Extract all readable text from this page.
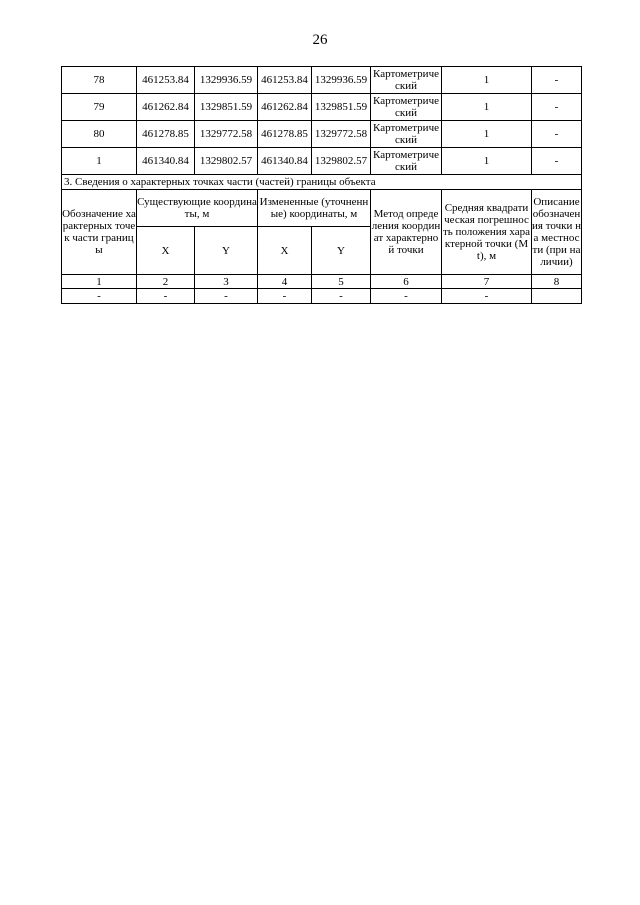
26
78	461253.84	1329936.59	461253.84	1329936.59	Картометрический	1	-
79	461262.84	1329851.59	461262.84	1329851.59	Картометрический	1	-
80	461278.85	1329772.58	461278.85	1329772.58	Картометрический	1	-
1	461340.84	1329802.57	461340.84	1329802.57	Картометрический	1	-
3. Сведения о характерных точках части (частей) границы объекта							
Обозначение характерных точек части границы	Существующие координаты, м		Измененные (уточненные) координаты, м		Метод определения координат характерной точки	Средняя квадратическая погрешность положения характерной точки (Mt), м	Описание обозначения точки на местности (при наличии)
	X	Y	X	Y			
1	2	3	4	5	6	7	8
-	-	-	-	-	-	-	
